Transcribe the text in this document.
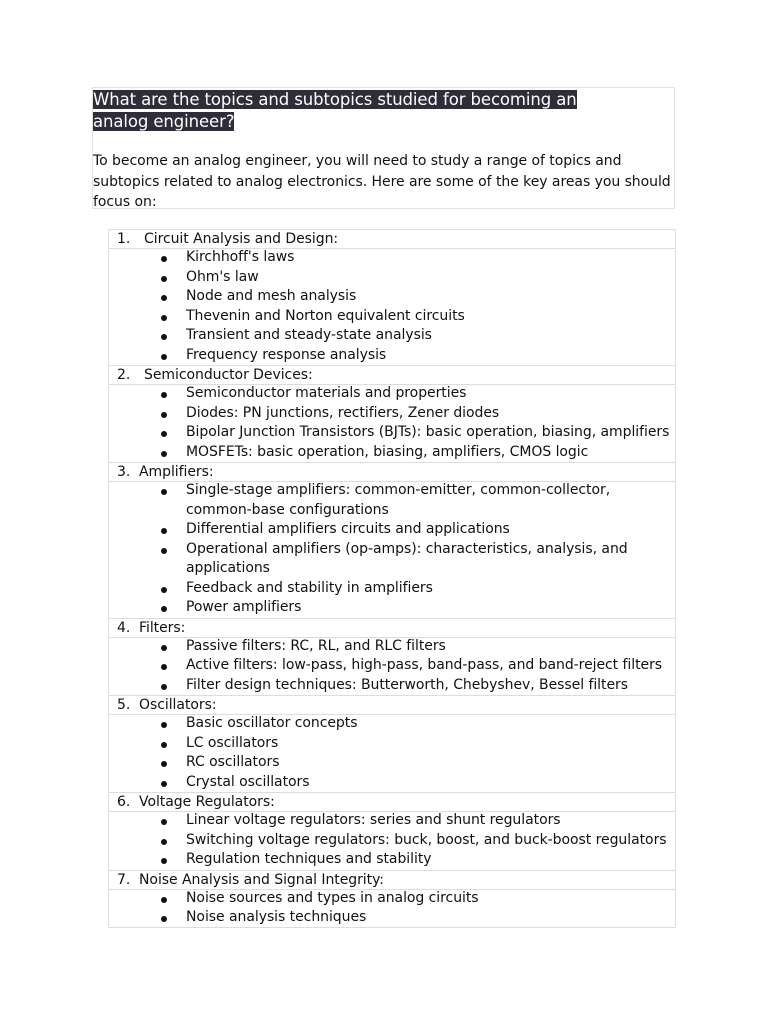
What are the topics and subtopics studied for becoming an analog engineer?
To become an analog engineer, you will need to study a range of topics and subtopics related to analog electronics. Here are some of the key areas you should focus on:
1. Circuit Analysis and Design:
Kirchhoff's laws
Ohm's law
Node and mesh analysis
Thevenin and Norton equivalent circuits
Transient and steady-state analysis
Frequency response analysis
2. Semiconductor Devices:
Semiconductor materials and properties
Diodes: PN junctions, rectifiers, Zener diodes
Bipolar Junction Transistors (BJTs): basic operation, biasing, amplifiers
MOSFETs: basic operation, biasing, amplifiers, CMOS logic
3. Amplifiers:
Single-stage amplifiers: common-emitter, common-collector, common-base configurations
Differential amplifiers circuits and applications
Operational amplifiers (op-amps): characteristics, analysis, and applications
Feedback and stability in amplifiers
Power amplifiers
4. Filters:
Passive filters: RC, RL, and RLC filters
Active filters: low-pass, high-pass, band-pass, and band-reject filters
Filter design techniques: Butterworth, Chebyshev, Bessel filters
5. Oscillators:
Basic oscillator concepts
LC oscillators
RC oscillators
Crystal oscillators
6. Voltage Regulators:
Linear voltage regulators: series and shunt regulators
Switching voltage regulators: buck, boost, and buck-boost regulators
Regulation techniques and stability
7. Noise Analysis and Signal Integrity:
Noise sources and types in analog circuits
Noise analysis techniques
